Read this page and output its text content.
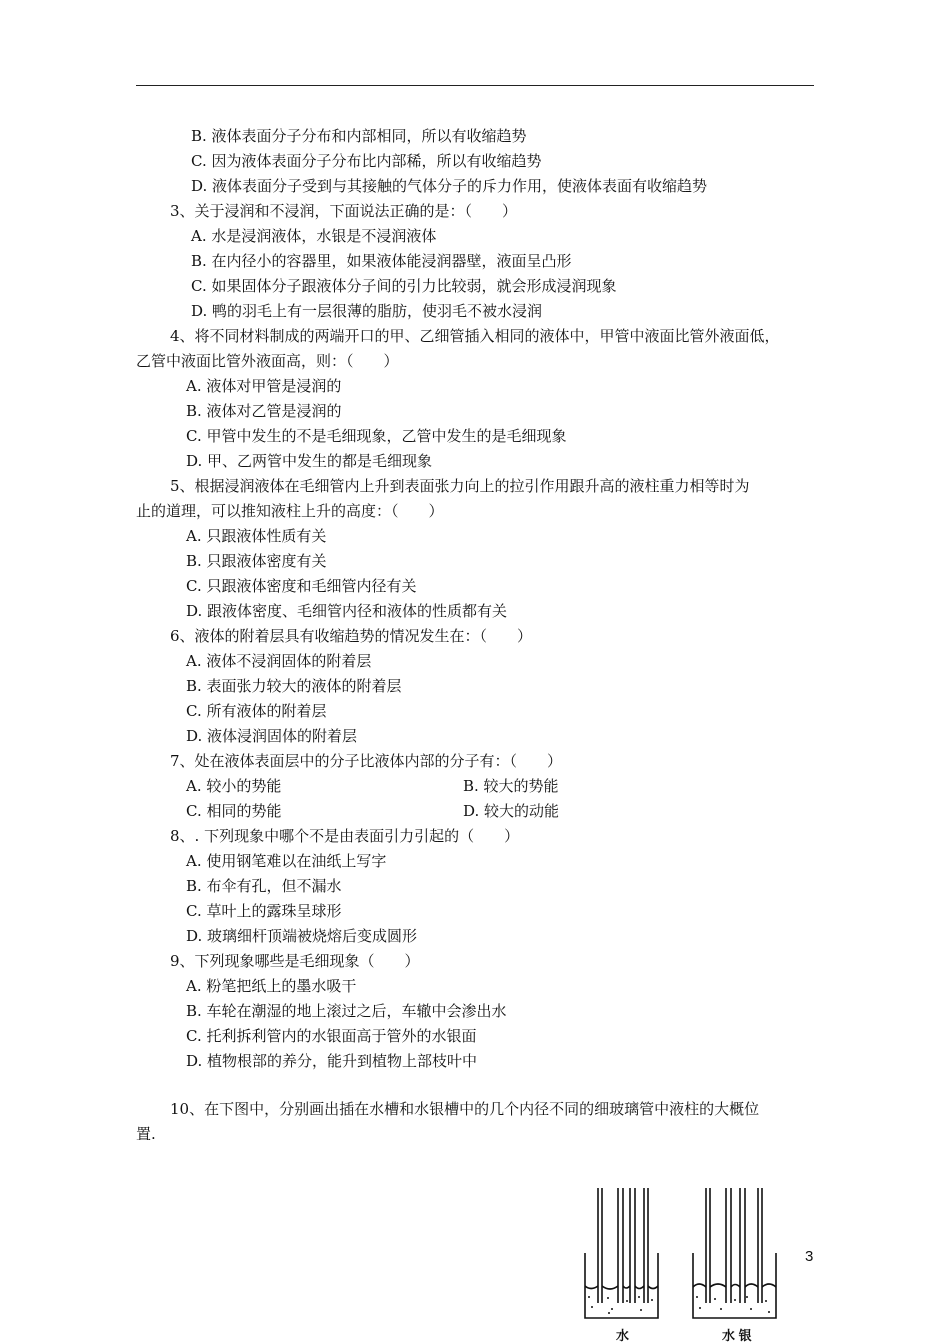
B. 液体表面分子分布和内部相同，所以有收缩趋势
C. 因为液体表面分子分布比内部稀，所以有收缩趋势
D. 液体表面分子受到与其接触的气体分子的斥力作用，使液体表面有收缩趋势
3、关于浸润和不浸润，下面说法正确的是：（　　）
A. 水是浸润液体，水银是不浸润液体
B. 在内径小的容器里，如果液体能浸润器壁，液面呈凸形
C. 如果固体分子跟液体分子间的引力比较弱，就会形成浸润现象
D. 鸭的羽毛上有一层很薄的脂肪，使羽毛不被水浸润
4、将不同材料制成的两端开口的甲、乙细管插入相同的液体中，甲管中液面比管外液面低，
乙管中液面比管外液面高，则：（　　）
A. 液体对甲管是浸润的
B. 液体对乙管是浸润的
C. 甲管中发生的不是毛细现象，乙管中发生的是毛细现象
D. 甲、乙两管中发生的都是毛细现象
5、根据浸润液体在毛细管内上升到表面张力向上的拉引作用跟升高的液柱重力相等时为
止的道理，可以推知液柱上升的高度：（　　）
A. 只跟液体性质有关
B. 只跟液体密度有关
C. 只跟液体密度和毛细管内径有关
D. 跟液体密度、毛细管内径和液体的性质都有关
6、液体的附着层具有收缩趋势的情况发生在：（　　）
A. 液体不浸润固体的附着层
B. 表面张力较大的液体的附着层
C. 所有液体的附着层
D. 液体浸润固体的附着层
7、处在液体表面层中的分子比液体内部的分子有：（　　）
A. 较小的势能	B. 较大的势能
C. 相同的势能	D. 较大的动能
8、. 下列现象中哪个不是由表面引力引起的（　　）
A. 使用钢笔难以在油纸上写字
B. 布伞有孔，但不漏水
C. 草叶上的露珠呈球形
D. 玻璃细杆顶端被烧熔后变成圆形
9、下列现象哪些是毛细现象（　　）
A. 粉笔把纸上的墨水吸干
B. 车轮在潮湿的地上滚过之后，车辙中会渗出水
C. 托利拆利管内的水银面高于管外的水银面
D. 植物根部的养分，能升到植物上部枝叶中
10、在下图中，分别画出插在水槽和水银槽中的几个内径不同的细玻璃管中液柱的大概位
置.
水	水 银
3
